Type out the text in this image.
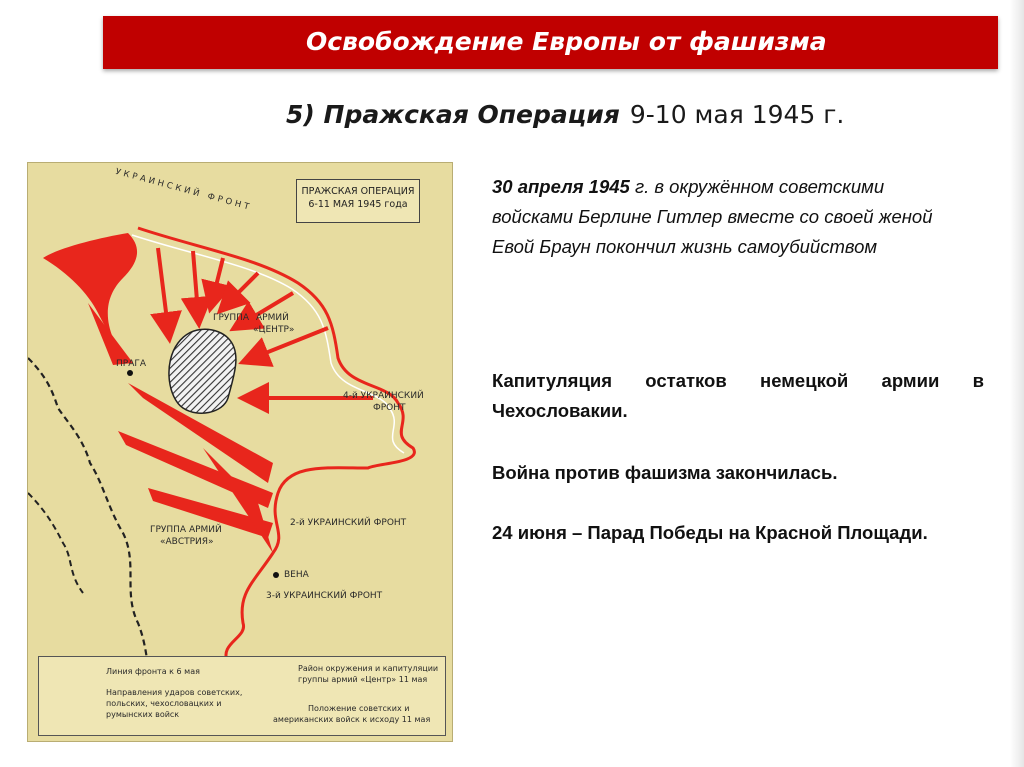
Освобождение Европы от фашизма
5) Пражская Операция 9-10 мая 1945 г.
ПРАЖСКАЯ ОПЕРАЦИЯ
6-11 МАЯ 1945 года
УКРАИНСКИЙ ФРОНТ
ПРАГА
ГРУППА АРМИЙ
«ЦЕНТР»
4-й УКРАИНСКИЙ
ФРОНТ
2-й УКРАИНСКИЙ ФРОНТ
ГРУППА АРМИЙ
«АВСТРИЯ»
ВЕНА
3-й УКРАИНСКИЙ ФРОНТ
Линия фронта к 6 мая
Направления ударов советских,
польских, чехословацких и
румынских войск
Район окружения и капитуляции
группы армий «Центр» 11 мая
Положение советских и
американских войск к исходу 11 мая
30 апреля 1945 г. в окружённом советскими войсками Берлине Гитлер вместе со своей женой Евой Браун покончил жизнь самоубийством
Капитуляция остатков немецкой армии в Чехословакии.
Война против фашизма закончилась.
24 июня – Парад Победы на Красной Площади.
